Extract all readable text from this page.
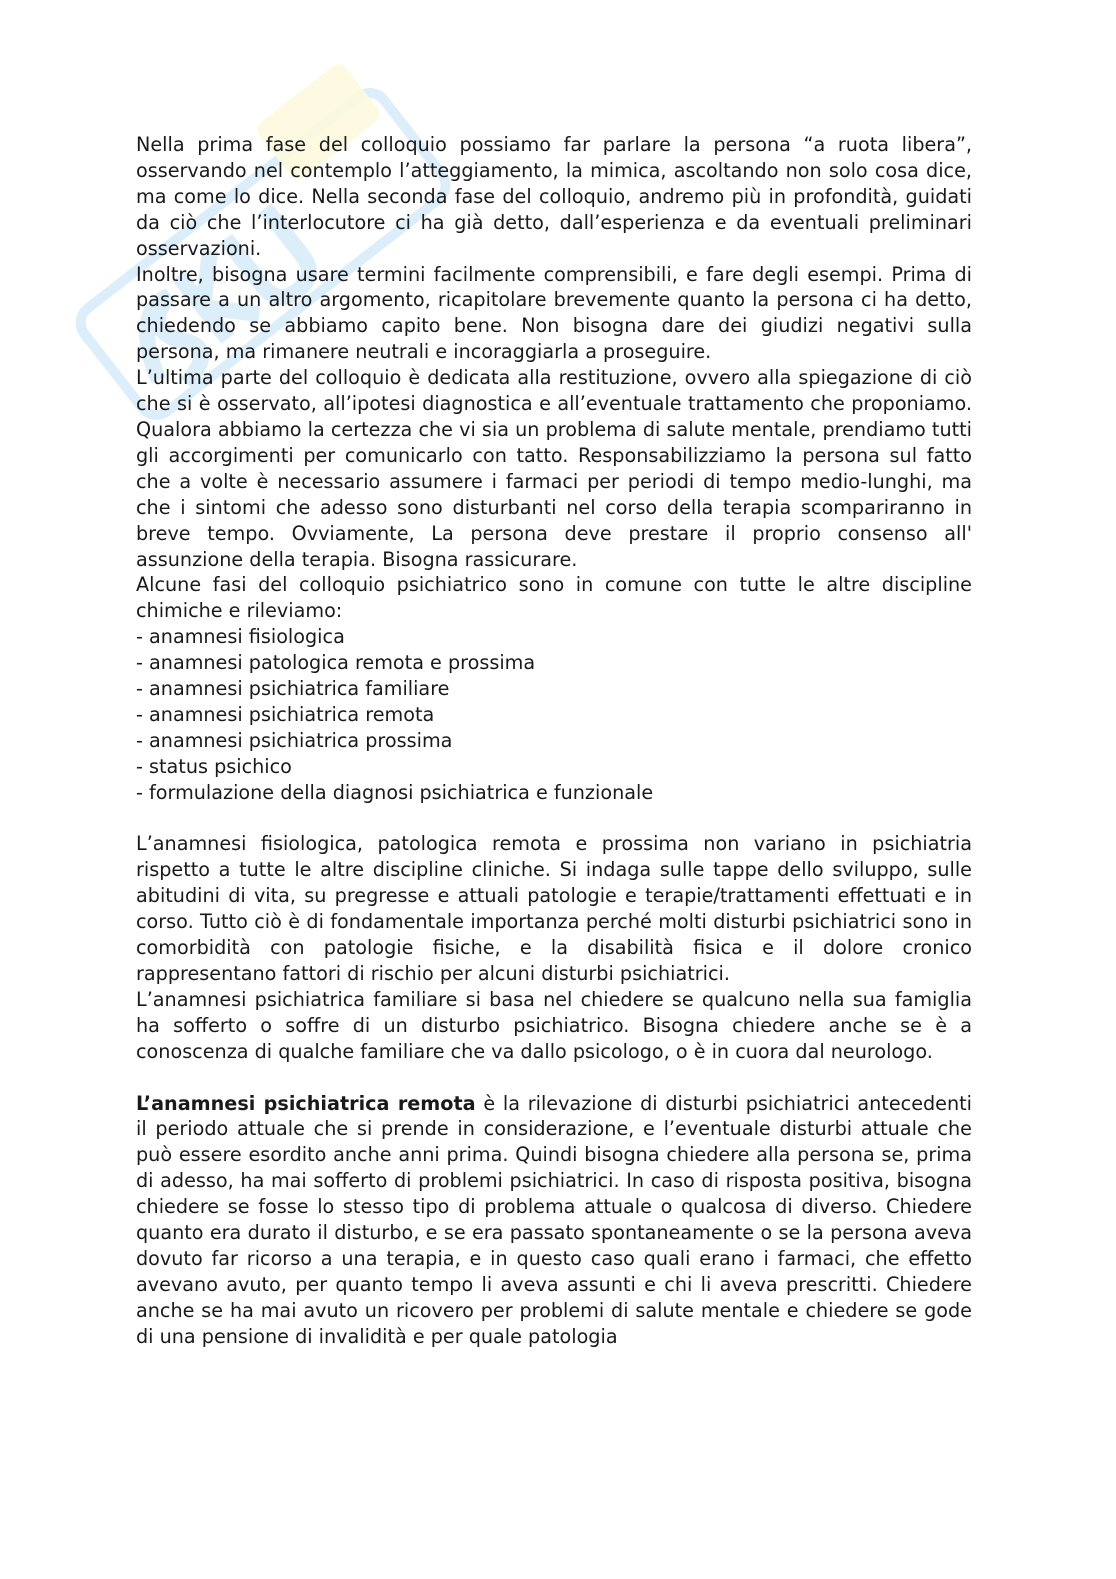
Nella prima fase del colloquio possiamo far parlare la persona “a ruota libera”, osservando nel contemplo l’atteggiamento, la mimica, ascoltando non solo cosa dice, ma come lo dice. Nella seconda fase del colloquio, andremo più in profondità, guidati da ciò che l’interlocutore ci ha già detto, dall’esperienza e da eventuali preliminari osservazioni.

Inoltre, bisogna usare termini facilmente comprensibili, e fare degli esempi. Prima di passare a un altro argomento, ricapitolare brevemente quanto la persona ci ha detto, chiedendo se abbiamo capito bene. Non bisogna dare dei giudizi negativi sulla persona, ma rimanere neutrali e incoraggiarla a proseguire.

L’ultima parte del colloquio è dedicata alla restituzione, ovvero alla spiegazione di ciò che si è osservato, all’ipotesi diagnostica e all’eventuale trattamento che proponiamo. Qualora abbiamo la certezza che vi sia un problema di salute mentale, prendiamo tutti gli accorgimenti per comunicarlo con tatto. Responsabilizziamo la persona sul fatto che a volte è necessario assumere i farmaci per periodi di tempo medio-lunghi, ma che i sintomi che adesso sono disturbanti nel corso della terapia scompariranno in breve tempo. Ovviamente, La persona deve prestare il proprio consenso all' assunzione della terapia. Bisogna rassicurare.

Alcune fasi del colloquio psichiatrico sono in comune con tutte le altre discipline chimiche e rileviamo:

- anamnesi fisiologica

- anamnesi patologica remota e prossima

- anamnesi psichiatrica familiare

- anamnesi psichiatrica remota

- anamnesi psichiatrica prossima

- status psichico

- formulazione della diagnosi psichiatrica e funzionale

L’anamnesi fisiologica, patologica remota e prossima non variano in psichiatria rispetto a tutte le altre discipline cliniche. Si indaga sulle tappe dello sviluppo, sulle abitudini di vita, su pregresse e attuali patologie e terapie/trattamenti effettuati e in corso. Tutto ciò è di fondamentale importanza perché molti disturbi psichiatrici sono in comorbidità con patologie fisiche, e la disabilità fisica e il dolore cronico rappresentano fattori di rischio per alcuni disturbi psichiatrici.

L’anamnesi psichiatrica familiare si basa nel chiedere se qualcuno nella sua famiglia ha sofferto o soffre di un disturbo psichiatrico. Bisogna chiedere anche se è a conoscenza di qualche familiare che va dallo psicologo, o è in cuora dal neurologo.

L’anamnesi psichiatrica remota è la rilevazione di disturbi psichiatrici antecedenti il periodo attuale che si prende in considerazione, e l’eventuale disturbi attuale che può essere esordito anche anni prima. Quindi bisogna chiedere alla persona se, prima di adesso, ha mai sofferto di problemi psichiatrici. In caso di risposta positiva, bisogna chiedere se fosse lo stesso tipo di problema attuale o qualcosa di diverso. Chiedere quanto era durato il disturbo, e se era passato spontaneamente o se la persona aveva dovuto far ricorso a una terapia, e in questo caso quali erano i farmaci, che effetto avevano avuto, per quanto tempo li aveva assunti e chi li aveva prescritti. Chiedere anche se ha mai avuto un ricovero per problemi di salute mentale e chiedere se gode di una pensione di invalidità e per quale patologia
